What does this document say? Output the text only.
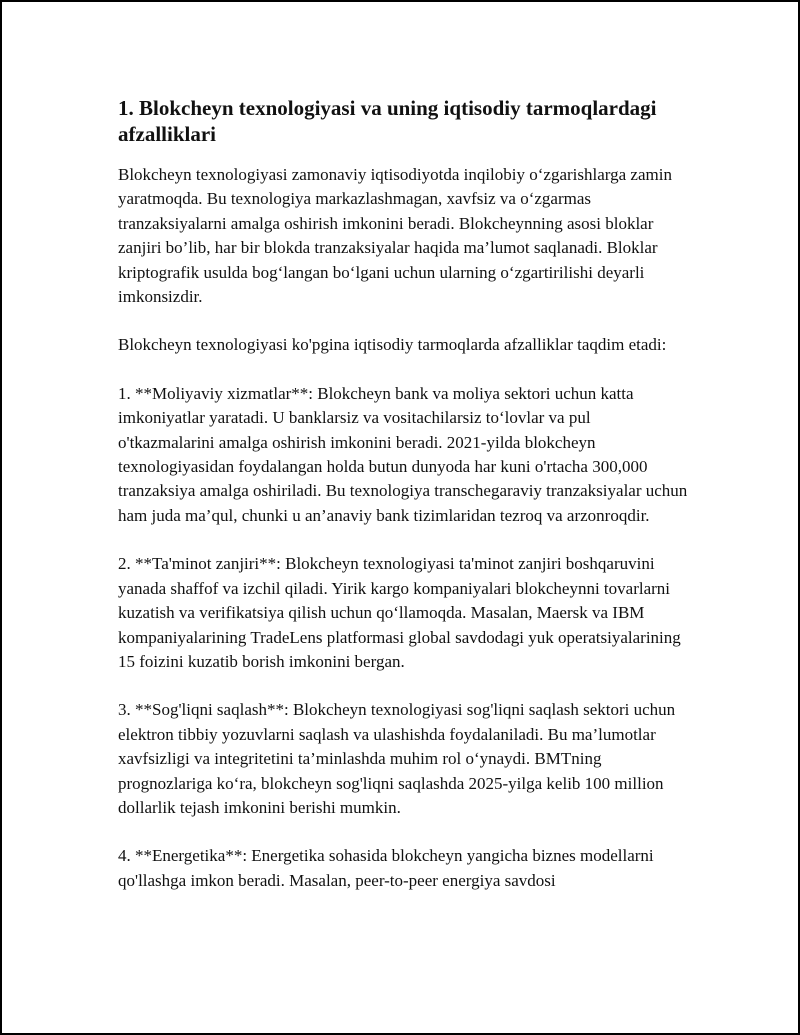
1. Blokcheyn texnologiyasi va uning iqtisodiy tarmoqlardagi afzalliklari

Blokcheyn texnologiyasi zamonaviy iqtisodiyotda inqilobiy o‘zgarishlarga zamin yaratmoqda. Bu texnologiya markazlashmagan, xavfsiz va o‘zgarmas tranzaksiyalarni amalga oshirish imkonini beradi. Blokcheynning asosi bloklar zanjiri bo’lib, har bir blokda tranzaksiyalar haqida ma’lumot saqlanadi. Bloklar kriptografik usulda bog‘langan bo‘lgani uchun ularning o‘zgartirilishi deyarli imkonsizdir.

Blokcheyn texnologiyasi ko'pgina iqtisodiy tarmoqlarda afzalliklar taqdim etadi:

1. **Moliyaviy xizmatlar**: Blokcheyn bank va moliya sektori uchun katta imkoniyatlar yaratadi. U banklarsiz va vositachilarsiz to‘lovlar va pul o'tkazmalarini amalga oshirish imkonini beradi. 2021-yilda blokcheyn texnologiyasidan foydalangan holda butun dunyoda har kuni o'rtacha 300,000 tranzaksiya amalga oshiriladi. Bu texnologiya transchegaraviy tranzaksiyalar uchun ham juda ma’qul, chunki u an’anaviy bank tizimlaridan tezroq va arzonroqdir.

2. **Ta'minot zanjiri**: Blokcheyn texnologiyasi ta'minot zanjiri boshqaruvini yanada shaffof va izchil qiladi. Yirik kargo kompaniyalari blokcheynni tovarlarni kuzatish va verifikatsiya qilish uchun qo‘llamoqda. Masalan, Maersk va IBM kompaniyalarining TradeLens platformasi global savdodagi yuk operatsiyalarining 15 foizini kuzatib borish imkonini bergan.

3. **Sog'liqni saqlash**: Blokcheyn texnologiyasi sog'liqni saqlash sektori uchun elektron tibbiy yozuvlarni saqlash va ulashishda foydalaniladi. Bu ma’lumotlar xavfsizligi va integritetini ta’minlashda muhim rol o‘ynaydi. BMTning prognozlariga ko‘ra, blokcheyn sog'liqni saqlashda 2025-yilga kelib 100 million dollarlik tejash imkonini berishi mumkin.

4. **Energetika**: Energetika sohasida blokcheyn yangicha biznes modellarni qo'llashga imkon beradi. Masalan, peer-to-peer energiya savdosi
